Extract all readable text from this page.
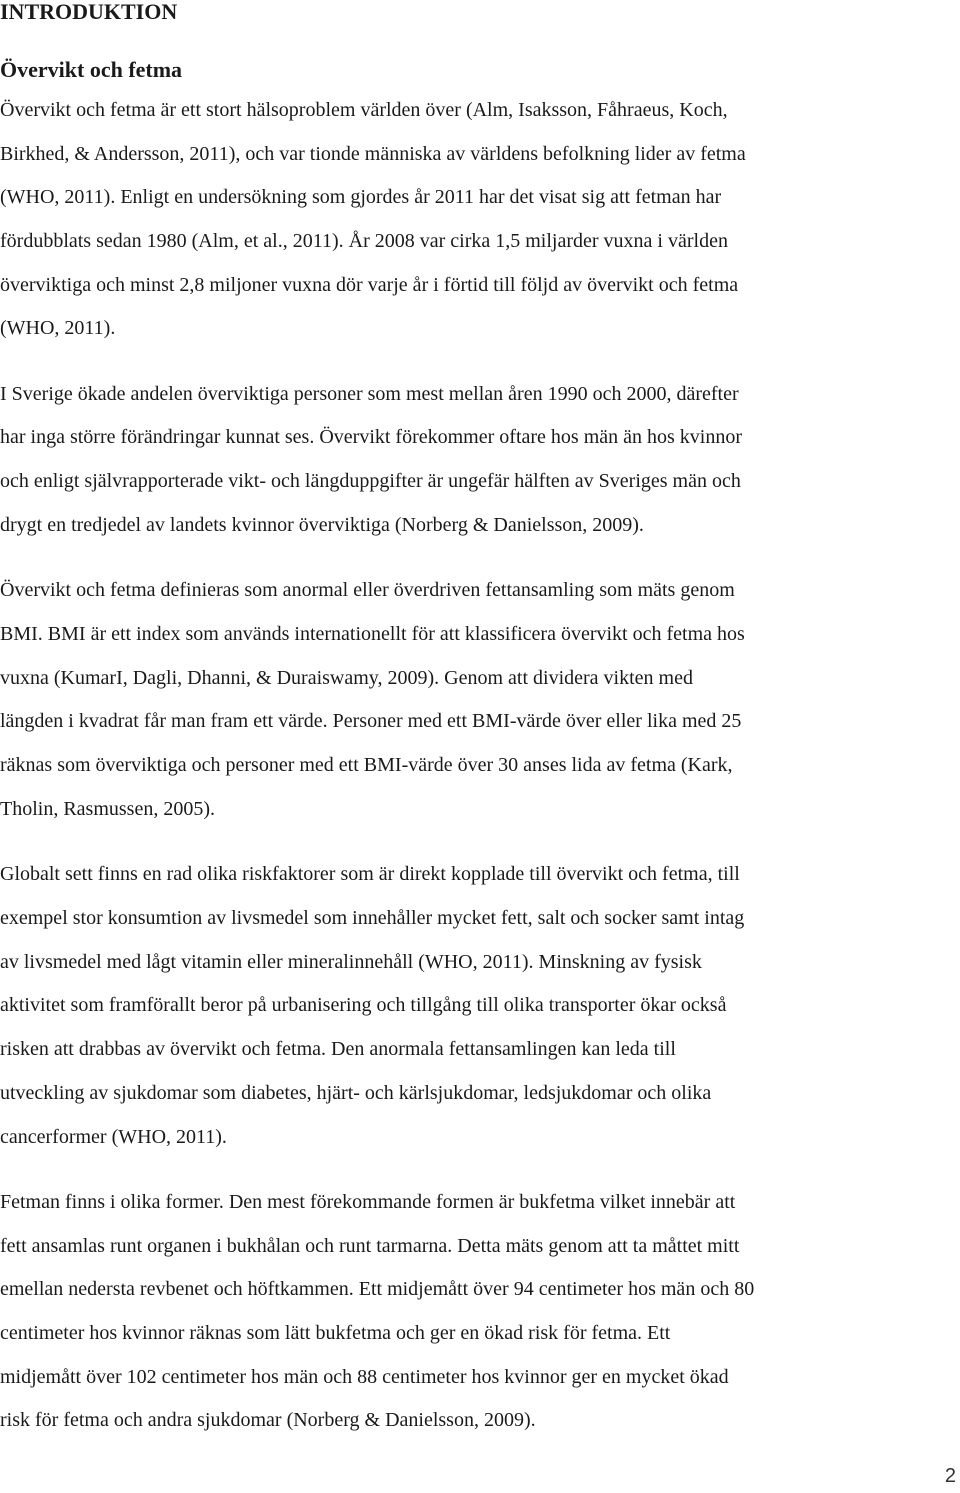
INTRODUKTION
Övervikt och fetma
Övervikt och fetma är ett stort hälsoproblem världen över (Alm, Isaksson, Fåhraeus, Koch,
Birkhed, & Andersson, 2011), och var tionde människa av världens befolkning lider av fetma
(WHO, 2011). Enligt en undersökning som gjordes år 2011 har det visat sig att fetman har
fördubblats sedan 1980 (Alm, et al., 2011). År 2008 var cirka 1,5 miljarder vuxna i världen
överviktiga och minst 2,8 miljoner vuxna dör varje år i förtid till följd av övervikt och fetma
(WHO, 2011).
I Sverige ökade andelen överviktiga personer som mest mellan åren 1990 och 2000, därefter
har inga större förändringar kunnat ses. Övervikt förekommer oftare hos män än hos kvinnor
och enligt självrapporterade vikt- och längduppgifter är ungefär hälften av Sveriges män och
drygt en tredjedel av landets kvinnor överviktiga (Norberg & Danielsson, 2009).
Övervikt och fetma definieras som anormal eller överdriven fettansamling som mäts genom
BMI. BMI är ett index som används internationellt för att klassificera övervikt och fetma hos
vuxna (KumarI, Dagli, Dhanni, & Duraiswamy, 2009). Genom att dividera vikten med
längden i kvadrat får man fram ett värde. Personer med ett BMI-värde över eller lika med 25
räknas som överviktiga och personer med ett BMI-värde över 30 anses lida av fetma (Kark,
Tholin, Rasmussen, 2005).
Globalt sett finns en rad olika riskfaktorer som är direkt kopplade till övervikt och fetma, till
exempel stor konsumtion av livsmedel som innehåller mycket fett, salt och socker samt intag
av livsmedel med lågt vitamin eller mineralinnehåll (WHO, 2011). Minskning av fysisk
aktivitet som framförallt beror på urbanisering och tillgång till olika transporter ökar också
risken att drabbas av övervikt och fetma. Den anormala fettansamlingen kan leda till
utveckling av sjukdomar som diabetes, hjärt- och kärlsjukdomar, ledsjukdomar och olika
cancerformer (WHO, 2011).
Fetman finns i olika former. Den mest förekommande formen är bukfetma vilket innebär att
fett ansamlas runt organen i bukhålan och runt tarmarna. Detta mäts genom att ta måttet mitt
emellan nedersta revbenet och höftkammen. Ett midjemått över 94 centimeter hos män och 80
centimeter hos kvinnor räknas som lätt bukfetma och ger en ökad risk för fetma. Ett
midjemått över 102 centimeter hos män och 88 centimeter hos kvinnor ger en mycket ökad
risk för fetma och andra sjukdomar (Norberg & Danielsson, 2009).
2
